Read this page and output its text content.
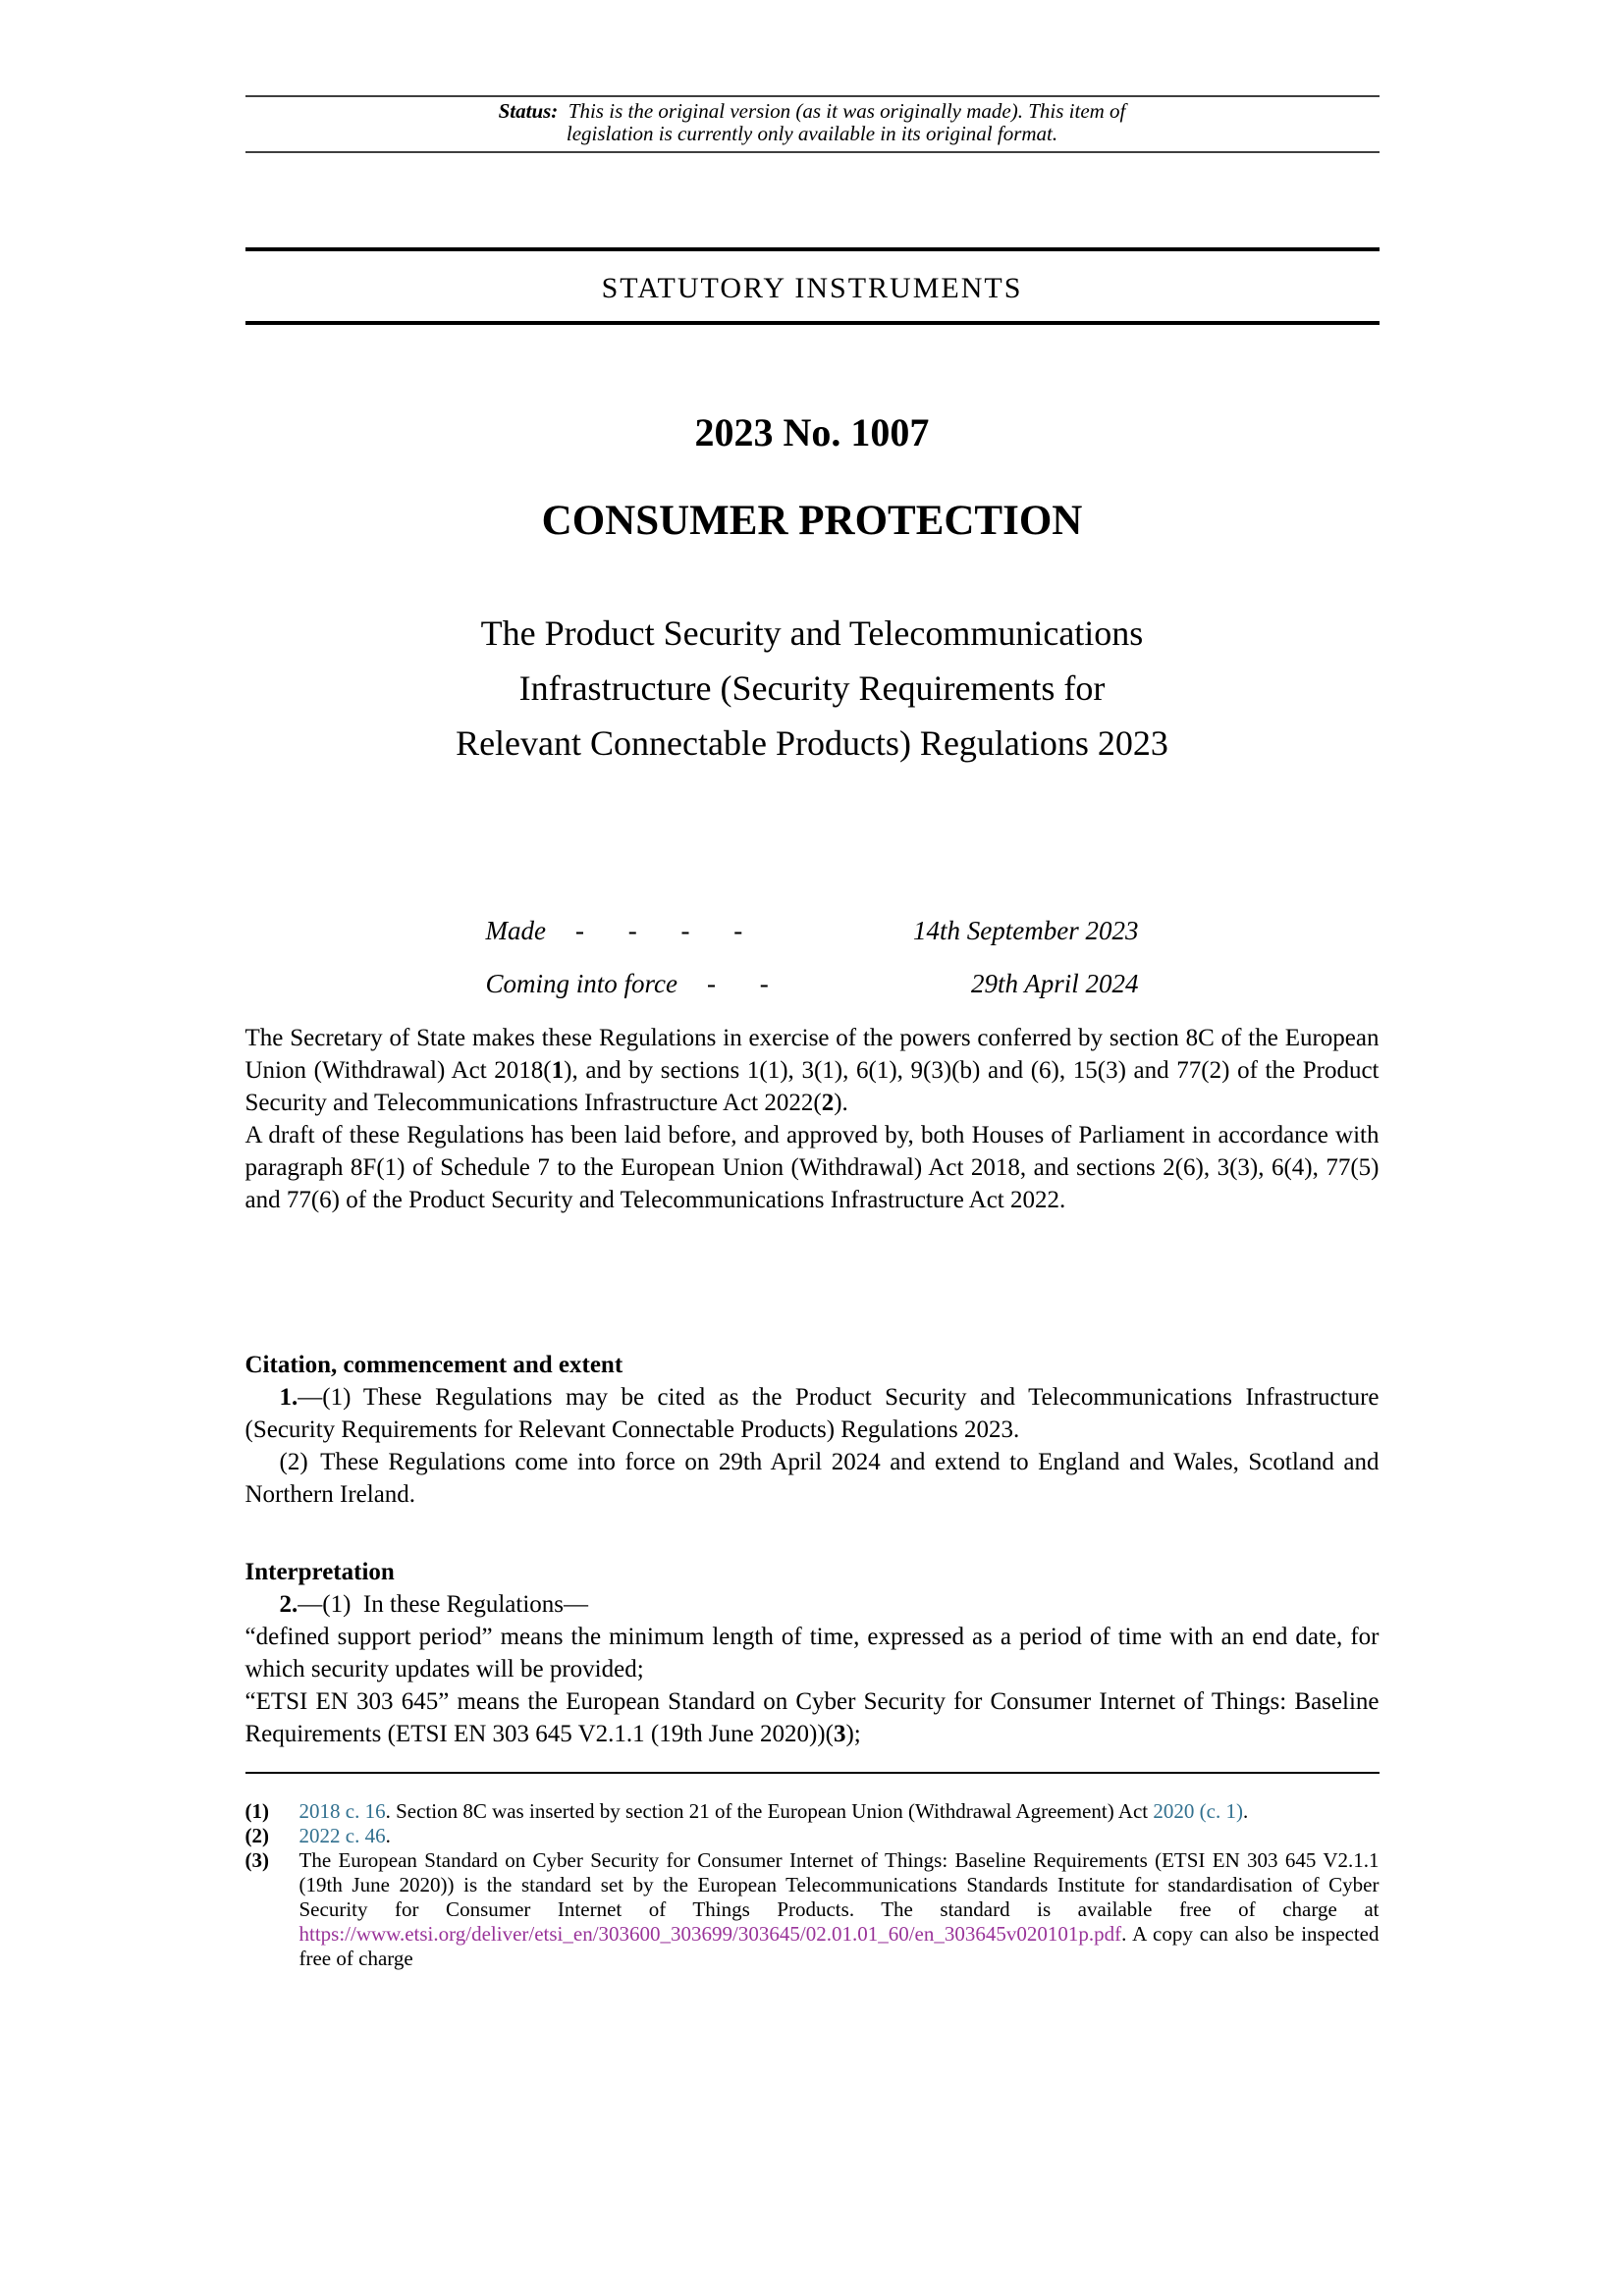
Status: This is the original version (as it was originally made). This item of legislation is currently only available in its original format.

STATUTORY INSTRUMENTS
2023 No. 1007
CONSUMER PROTECTION
The Product Security and Telecommunications
Infrastructure (Security Requirements for
Relevant Connectable Products) Regulations 2023
Made - - - -	14th September 2023
Coming into force - -	29th April 2024

The Secretary of State makes these Regulations in exercise of the powers conferred by section 8C of the European Union (Withdrawal) Act 2018(1), and by sections 1(1), 3(1), 6(1), 9(3)(b) and (6), 15(3) and 77(2) of the Product Security and Telecommunications Infrastructure Act 2022(2).

A draft of these Regulations has been laid before, and approved by, both Houses of Parliament in accordance with paragraph 8F(1) of Schedule 7 to the European Union (Withdrawal) Act 2018, and sections 2(6), 3(3), 6(4), 77(5) and 77(6) of the Product Security and Telecommunications Infrastructure Act 2022.

Citation, commencement and extent

1.—(1) These Regulations may be cited as the Product Security and Telecommunications Infrastructure (Security Requirements for Relevant Connectable Products) Regulations 2023.

(2) These Regulations come into force on 29th April 2024 and extend to England and Wales, Scotland and Northern Ireland.

Interpretation

2.—(1) In these Regulations—

“defined support period” means the minimum length of time, expressed as a period of time with an end date, for which security updates will be provided;

“ETSI EN 303 645” means the European Standard on Cyber Security for Consumer Internet of Things: Baseline Requirements (ETSI EN 303 645 V2.1.1 (19th June 2020))(3);

(1) 2018 c. 16. Section 8C was inserted by section 21 of the European Union (Withdrawal Agreement) Act 2020 (c. 1).

(2) 2022 c. 46.

(3) The European Standard on Cyber Security for Consumer Internet of Things: Baseline Requirements (ETSI EN 303 645 V2.1.1 (19th June 2020)) is the standard set by the European Telecommunications Standards Institute for standardisation of Cyber Security for Consumer Internet of Things Products. The standard is available free of charge at https://www.etsi.org/deliver/etsi_en/303600_303699/303645/02.01.01_60/en_303645v020101p.pdf. A copy can also be inspected free of charge
